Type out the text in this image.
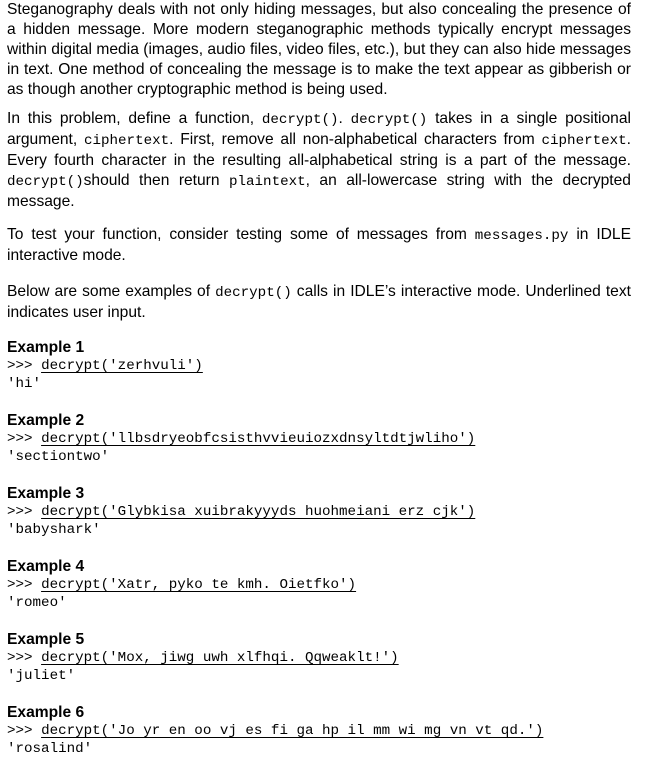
Steganography deals with not only hiding messages, but also concealing the presence of a hidden message. More modern steganographic methods typically encrypt messages within digital media (images, audio files, video files, etc.), but they can also hide messages in text. One method of concealing the message is to make the text appear as gibberish or as though another cryptographic method is being used.

In this problem, define a function, decrypt(). decrypt() takes in a single positional argument, ciphertext. First, remove all non-alphabetical characters from ciphertext. Every fourth character in the resulting all-alphabetical string is a part of the message. decrypt()should then return plaintext, an all-lowercase string with the decrypted message.

To test your function, consider testing some of messages from messages.py in IDLE interactive mode.

Below are some examples of decrypt() calls in IDLE’s interactive mode. Underlined text indicates user input.

Example 1
>>> decrypt('zerhvuli')
'hi'
Example 2
>>> decrypt('llbsdryeobfcsisthvvieuiozxdnsyltdtjwliho')
'sectiontwo'
Example 3
>>> decrypt('Glybkisa xuibrakyyyds huohmeiani erz cjk')
'babyshark'
Example 4
>>> decrypt('Xatr, pyko te kmh. Oietfko')
'romeo'
Example 5
>>> decrypt('Mox, jiwg uwh xlfhqi. Qqweaklt!')
'juliet'
Example 6
>>> decrypt('Jo yr en oo vj es fi ga hp il mm wi mg vn vt qd.')
'rosalind'
